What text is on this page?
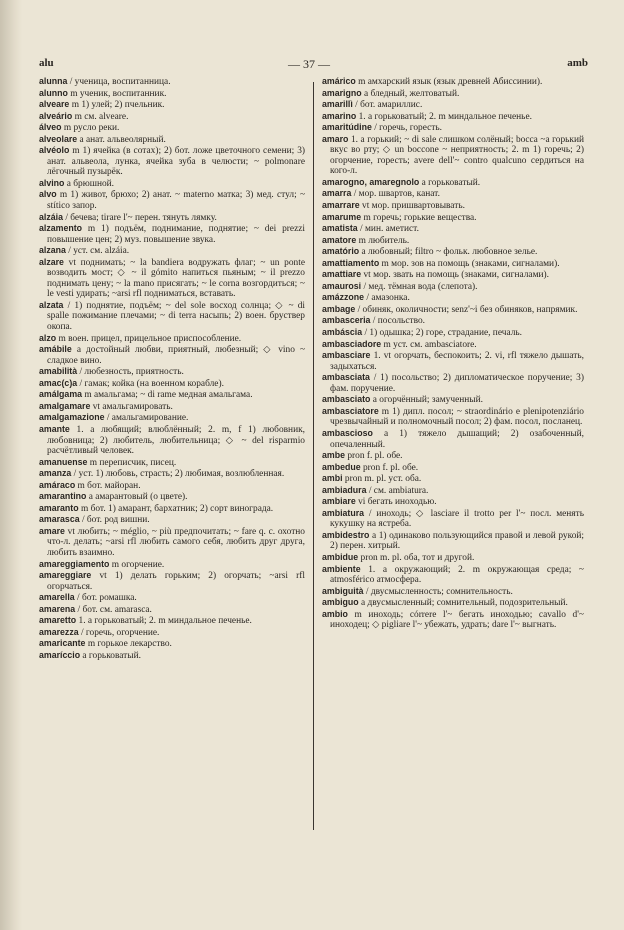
alu	— 37 —	amb
alunna / ученица, воспитанница.
alunno m ученик, воспитанник.
alveare m 1) улей; 2) пчельник.
alveário m см. alveare.
álveo m русло реки.
alveolare a анат. альвеолярный.
alvéolo m 1) ячейка (в сотах); 2) бот. ложе цветочного семени; 3) анат. альвеола, лунка, ячейка зуба в челюсти; ~ polmonare лёгочный пузырёк.
alvino a брюшной.
alvo m 1) живот, брюхо; 2) анат. ~ materno матка; 3) мед. стул; ~ stítico запор.
alzáia / бечева; tirare l'~ перен. тянуть лямку.
alzamento m 1) подъём, поднимание, поднятие; ~ dei prezzi повышение цен; 2) муз. повышение звука.
alzana / уст. см. alzáia.
alzare vt поднимать; ~ la bandiera водружать флаг; ~ un ponte возводить мост; ◇ ~ il gómito напиться пьяным; ~ il prezzo поднимать цену; ~ la mano присягать; ~ le corna возгордиться; ~ le vesti удирать; ~arsi rfl подниматься, вставать.
alzata / 1) поднятие, подъём; ~ del sole восход солнца; ◇ ~ di spalle пожимание плечами; ~ di terra насыпь; 2) воен. бруствер окопа.
alzo m воен. прицел, прицельное приспособление.
amábile a достойный любви, приятный, любезный; ◇ vino ~ сладкое вино.
amabilità / любезность, приятность.
amac(c)a / гамак; койка (на военном корабле).
amálgama m амальгама; ~ di rame медная амальгама.
amalgamare vt амальгамировать.
amalgamazione / амальгамирование.
amante 1. a любящий; влюблённый; 2. m, f 1) любовник, любовница; 2) любитель, любительница; ◇ ~ del risparmio расчётливый человек.
amanuense m переписчик, писец.
amanza / уст. 1) любовь, страсть; 2) любимая, возлюбленная.
amáraco m бот. майоран.
amarantino a амарантовый (о цвете).
amaranto m бот. 1) амарант, бархатник; 2) сорт винограда.
amarasca / бот. род вишни.
amare vt любить; ~ méglio, ~ più предпочитать; ~ fare q. c. охотно что-л. делать; ~arsi rfl любить самого себя, любить друг друга, любить взаимно.
amareggiamento m огорчение.
amareggiare vt 1) делать горьким; 2) огорчать; ~arsi rfl огорчаться.
amarella / бот. ромашка.
amarena / бот. см. amarasca.
amaretto 1. a горьковатый; 2. m миндальное печенье.
amarezza / горечь, огорчение.
amaricante m горькое лекарство.
amaríccio a горьковатый.
amárico m амхарский язык (язык древней Абиссинии).
amarigno a бледный, желтоватый.
amarillì / бот. амариллис.
amarino 1. a горьковатый; 2. m миндальное печенье.
amaritúdine / горечь, горесть.
amaro 1. a горький; ~ di sale слишком солёный; bocca ~a горький вкус во рту; ◇ un boccone ~ неприятность; 2. m 1) горечь; 2) огорчение, горесть; avere dell'~ contro qualcuno сердиться на кого-л.
amarogno, amaregnolo a горьковатый.
amarra / мор. швартов, канат.
amarrare vt мор. пришвартовывать.
amarume m горечь; горькие вещества.
amatista / мин. аметист.
amatore m любитель.
amatório a любовный; filtro ~ фольк. любовное зелье.
amattiamento m мор. зов на помощь (знаками, сигналами).
amattiare vt мор. звать на помощь (знаками, сигналами).
amaurosi / мед. тёмная вода (слепота).
amázzone / амазонка.
ambage / обиняк, околичности; senz'~i без обиняков, напрямик.
ambasceria / посольство.
ambáscia / 1) одышка; 2) горе, страдание, печаль.
ambasciadore m уст. см. ambasciatore.
ambasciare 1. vt огорчать, беспокоить; 2. vi, rfl тяжело дышать, задыхаться.
ambasciata / 1) посольство; 2) дипломатическое поручение; 3) фам. поручение.
ambasciato a огорчённый; замученный.
ambasciatore m 1) дипл. посол; ~ straordinário e plenipotenziário чрезвычайный и полномочный посол; 2) фам. посол, посланец.
ambascioso a 1) тяжело дышащий; 2) озабоченный, опечаленный.
ambe pron f. pl. обе.
ambedue pron f. pl. обе.
ambi pron m. pl. уст. оба.
ambiadura / см. ambiatura.
ambiare vi бегать иноходью.
ambiatura / иноходь; ◇ lasciare il trotto per l'~ посл. менять кукушку на ястреба.
ambidestro a 1) одинаково пользующийся правой и левой рукой; 2) перен. хитрый.
ambidue pron m. pl. оба, тот и другой.
ambiente 1. a окружающий; 2. m окружающая среда; ~ atmosférico атмосфера.
ambiguità / двусмысленность; сомнительность.
ambiguo a двусмысленный; сомнительный, подозрительный.
ambio m иноходь; córrere l'~ бегать иноходью; cavallo d'~ иноходец; ◇ pigliare l'~ убежать, удрать; dare l'~ выгнать.
